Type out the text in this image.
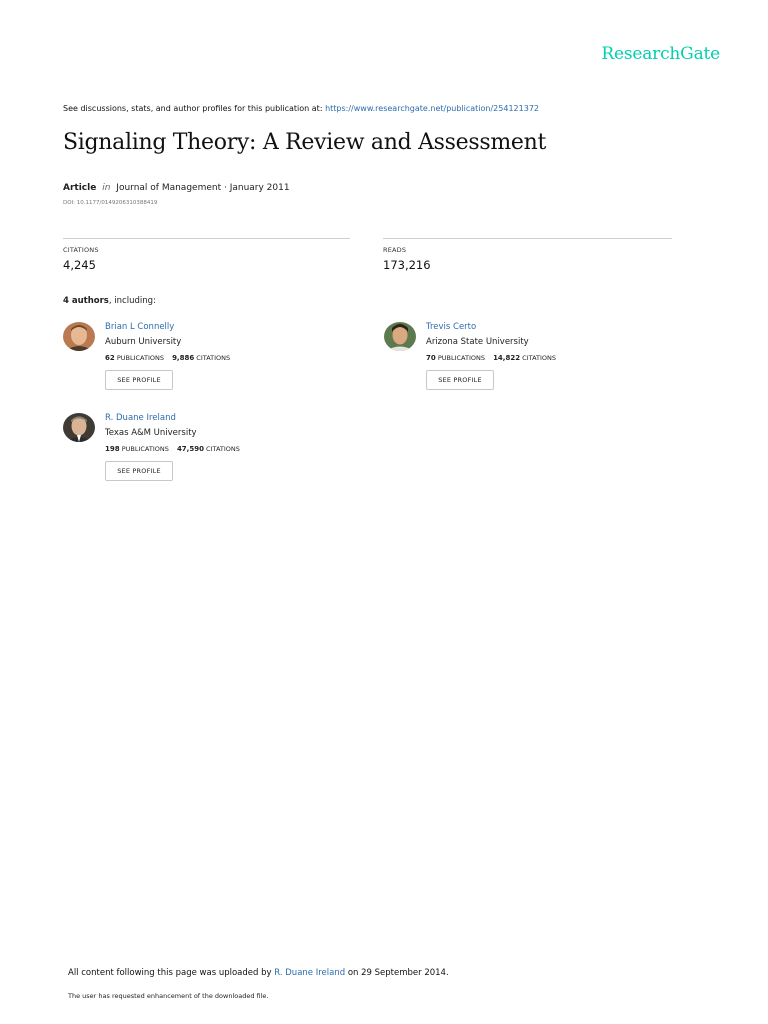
ResearchGate
See discussions, stats, and author profiles for this publication at: https://www.researchgate.net/publication/254121372
Signaling Theory: A Review and Assessment
Article in Journal of Management · January 2011
DOI: 10.1177/0149206310388419
CITATIONS
4,245
READS
173,216
4 authors, including:
Brian L Connelly
Auburn University
62 PUBLICATIONS 9,886 CITATIONS
SEE PROFILE
Trevis Certo
Arizona State University
70 PUBLICATIONS 14,822 CITATIONS
SEE PROFILE
R. Duane Ireland
Texas A&M University
198 PUBLICATIONS 47,590 CITATIONS
SEE PROFILE
All content following this page was uploaded by R. Duane Ireland on 29 September 2014.
The user has requested enhancement of the downloaded file.
